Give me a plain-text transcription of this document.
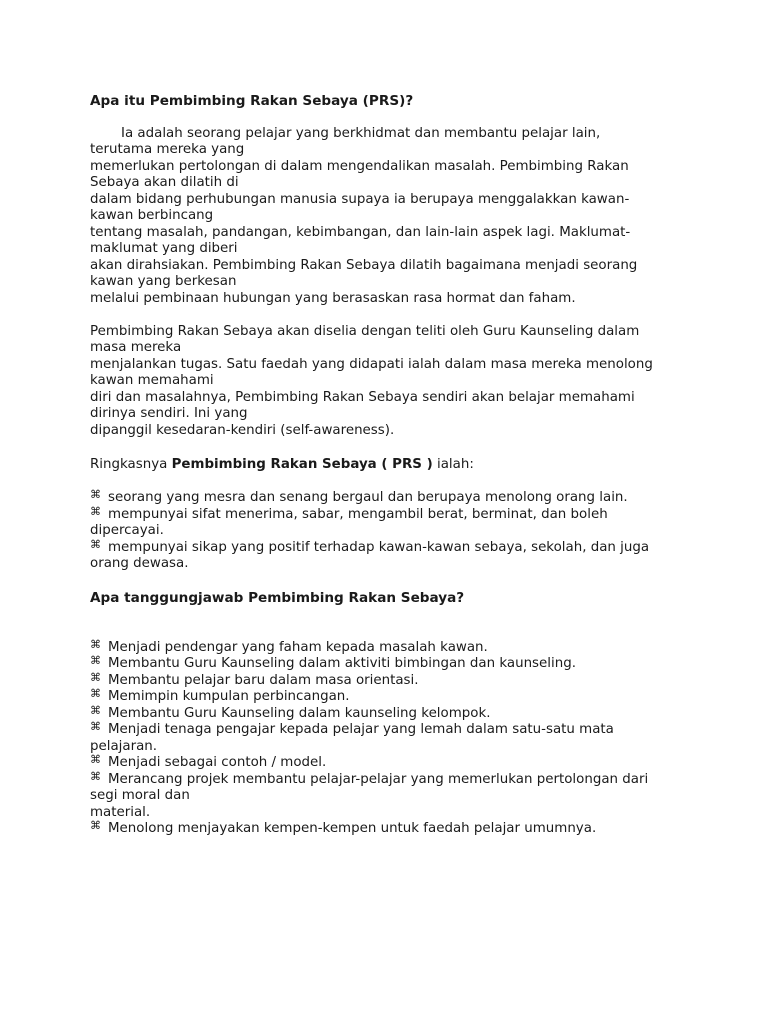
Apa itu Pembimbing Rakan Sebaya (PRS)?
Ia adalah seorang pelajar yang berkhidmat dan membantu pelajar lain,
terutama mereka yang
memerlukan pertolongan di dalam mengendalikan masalah. Pembimbing Rakan
Sebaya akan dilatih di
dalam bidang perhubungan manusia supaya ia berupaya menggalakkan kawan-
kawan berbincang
tentang masalah, pandangan, kebimbangan, dan lain-lain aspek lagi. Maklumat-
maklumat yang diberi
akan dirahsiakan. Pembimbing Rakan Sebaya dilatih bagaimana menjadi seorang
kawan yang berkesan
melalui pembinaan hubungan yang berasaskan rasa hormat dan faham.
Pembimbing Rakan Sebaya akan diselia dengan teliti oleh Guru Kaunseling dalam
masa mereka
menjalankan tugas. Satu faedah yang didapati ialah dalam masa mereka menolong
kawan memahami
diri dan masalahnya, Pembimbing Rakan Sebaya sendiri akan belajar memahami
dirinya sendiri. Ini yang
dipanggil kesedaran-kendiri (self-awareness).
Ringkasnya Pembimbing Rakan Sebaya ( PRS ) ialah:
⌘ seorang yang mesra dan senang bergaul dan berupaya menolong orang lain.
⌘ mempunyai sifat menerima, sabar, mengambil berat, berminat, dan boleh
dipercayai.
⌘ mempunyai sikap yang positif terhadap kawan-kawan sebaya, sekolah, dan juga
orang dewasa.
Apa tanggungjawab Pembimbing Rakan Sebaya?
⌘ Menjadi pendengar yang faham kepada masalah kawan.
⌘ Membantu Guru Kaunseling dalam aktiviti bimbingan dan kaunseling.
⌘ Membantu pelajar baru dalam masa orientasi.
⌘ Memimpin kumpulan perbincangan.
⌘ Membantu Guru Kaunseling dalam kaunseling kelompok.
⌘ Menjadi tenaga pengajar kepada pelajar yang lemah dalam satu-satu mata
pelajaran.
⌘ Menjadi sebagai contoh / model.
⌘ Merancang projek membantu pelajar-pelajar yang memerlukan pertolongan dari
segi moral dan
material.
⌘ Menolong menjayakan kempen-kempen untuk faedah pelajar umumnya.
